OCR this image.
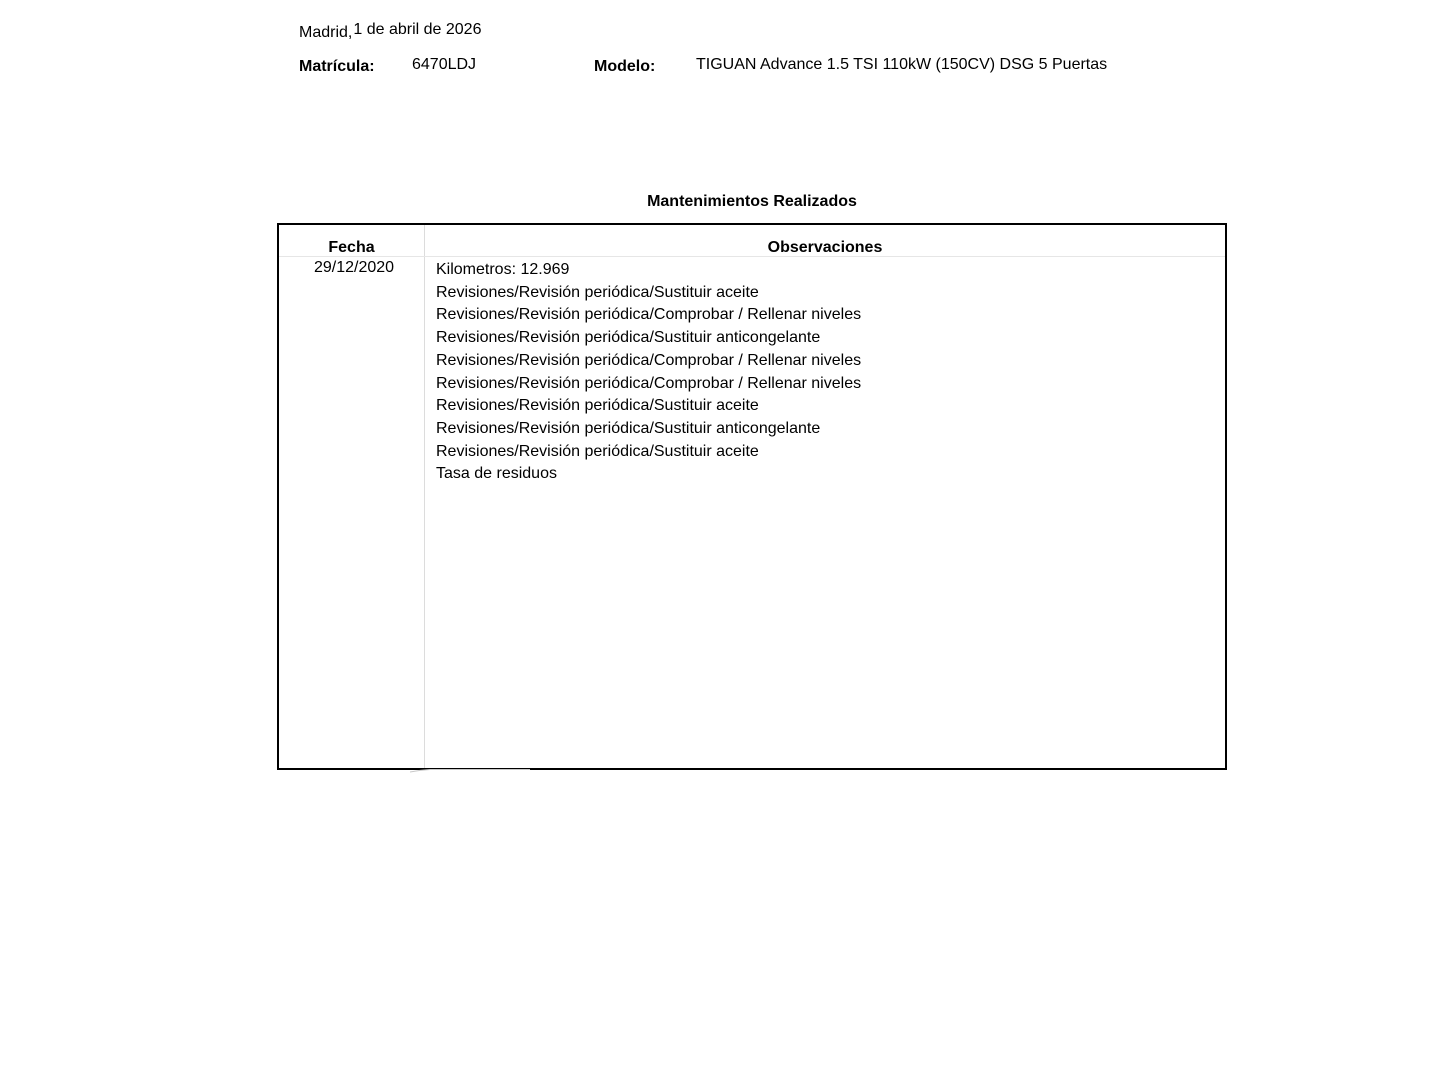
Madrid,1 de abril de 2026
Matrícula: 6470LDJ	Modelo:	TIGUAN Advance 1.5 TSI 110kW (150CV) DSG 5 Puertas
Mantenimientos Realizados
Fecha	Observaciones
29/12/2020	Kilometros: 12.969
Revisiones/Revisión periódica/Sustituir aceite
Revisiones/Revisión periódica/Comprobar / Rellenar niveles
Revisiones/Revisión periódica/Sustituir anticongelante
Revisiones/Revisión periódica/Comprobar / Rellenar niveles
Revisiones/Revisión periódica/Comprobar / Rellenar niveles
Revisiones/Revisión periódica/Sustituir aceite
Revisiones/Revisión periódica/Sustituir anticongelante
Revisiones/Revisión periódica/Sustituir aceite
Tasa de residuos
